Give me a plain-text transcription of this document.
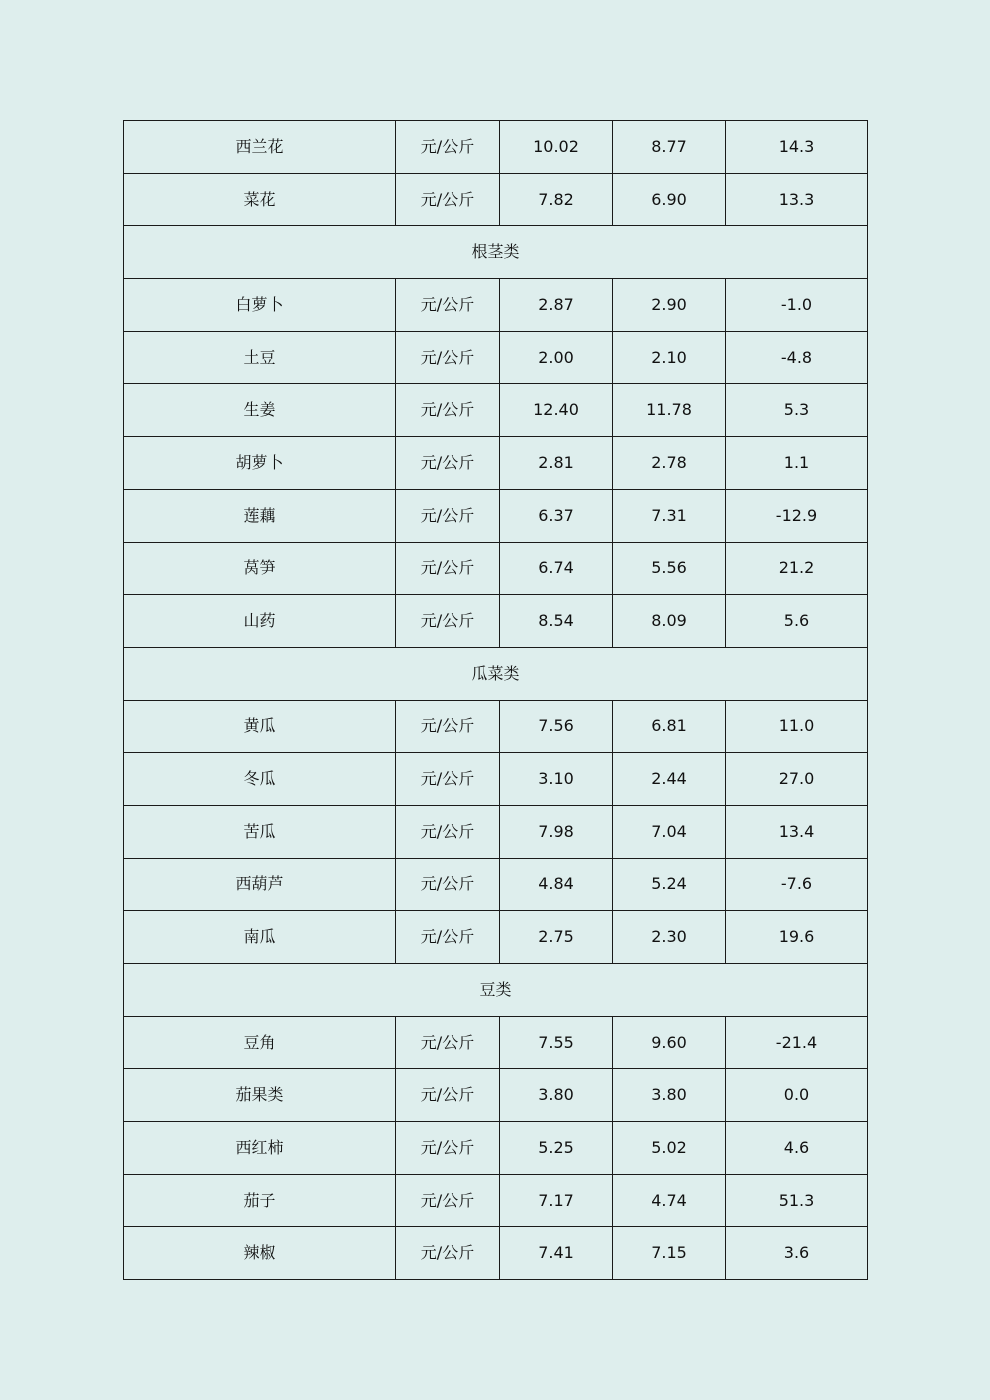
西兰花	元/公斤	10.02	8.77	14.3
菜花	元/公斤	7.82	6.90	13.3
根茎类				
白萝卜	元/公斤	2.87	2.90	-1.0
土豆	元/公斤	2.00	2.10	-4.8
生姜	元/公斤	12.40	11.78	5.3
胡萝卜	元/公斤	2.81	2.78	1.1
莲藕	元/公斤	6.37	7.31	-12.9
莴笋	元/公斤	6.74	5.56	21.2
山药	元/公斤	8.54	8.09	5.6
瓜菜类				
黄瓜	元/公斤	7.56	6.81	11.0
冬瓜	元/公斤	3.10	2.44	27.0
苦瓜	元/公斤	7.98	7.04	13.4
西葫芦	元/公斤	4.84	5.24	-7.6
南瓜	元/公斤	2.75	2.30	19.6
豆类				
豆角	元/公斤	7.55	9.60	-21.4
茄果类	元/公斤	3.80	3.80	0.0
西红柿	元/公斤	5.25	5.02	4.6
茄子	元/公斤	7.17	4.74	51.3
辣椒	元/公斤	7.41	7.15	3.6
